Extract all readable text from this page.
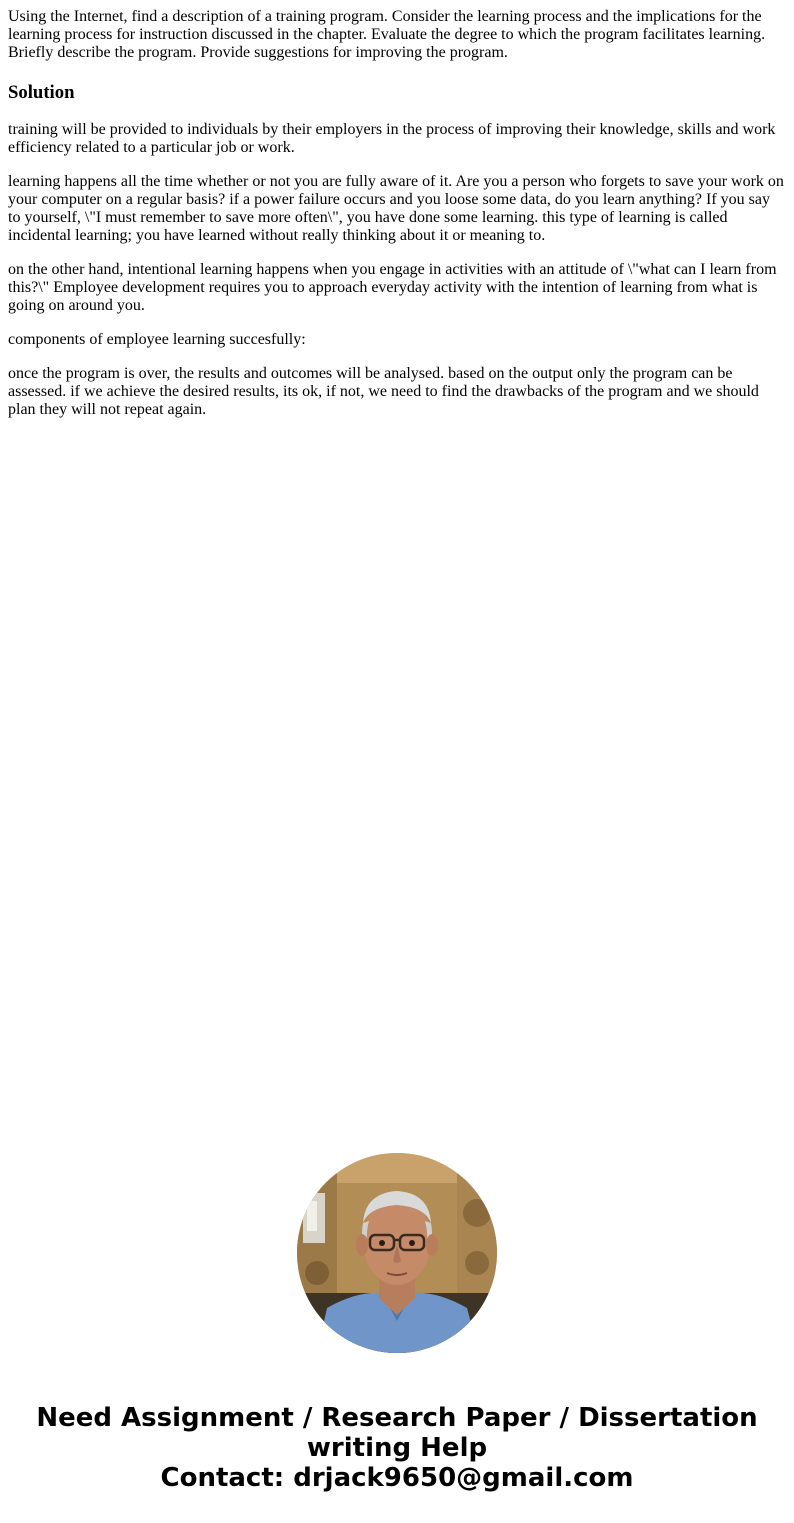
Using the Internet, find a description of a training program. Consider the learning process and the implications for the learning process for instruction discussed in the chapter. Evaluate the degree to which the program facilitates learning. Briefly describe the program. Provide suggestions for improving the program.

Solution

training will be provided to individuals by their employers in the process of improving their knowledge, skills and work efficiency related to a particular job or work.

learning happens all the time whether or not you are fully aware of it. Are you a person who forgets to save your work on your computer on a regular basis? if a power failure occurs and you loose some data, do you learn anything? If you say to yourself, \"I must remember to save more often\", you have done some learning. this type of learning is called incidental learning; you have learned without really thinking about it or meaning to.

on the other hand, intentional learning happens when you engage in activities with an attitude of \"what can I learn from this?\" Employee development requires you to approach everyday activity with the intention of learning from what is going on around you.

components of employee learning succesfully:

once the program is over, the results and outcomes will be analysed. based on the output only the program can be assessed. if we achieve the desired results, its ok, if not, we need to find the drawbacks of the program and we should plan they will not repeat again.

Need Assignment / Research Paper / Dissertation
writing Help
Contact: drjack9650@gmail.com
